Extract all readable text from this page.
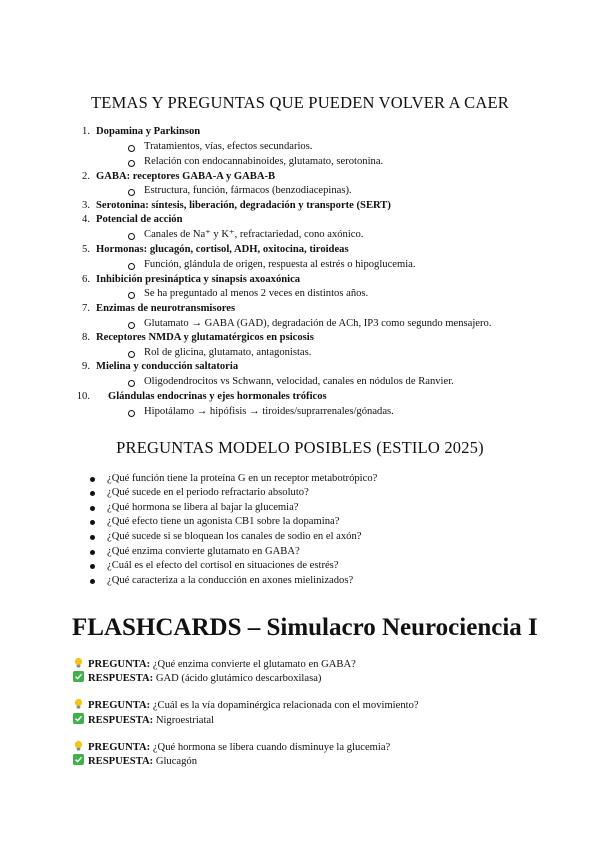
TEMAS Y PREGUNTAS QUE PUEDEN VOLVER A CAER
1. Dopamina y Parkinson
Tratamientos, vías, efectos secundarios.
Relación con endocannabinoides, glutamato, serotonina.
2. GABA: receptores GABA-A y GABA-B
Estructura, función, fármacos (benzodiacepinas).
3. Serotonina: síntesis, liberación, degradación y transporte (SERT)
4. Potencial de acción
Canales de Na⁺ y K⁺, refractariedad, cono axónico.
5. Hormonas: glucagón, cortisol, ADH, oxitocina, tiroideas
Función, glándula de origen, respuesta al estrés o hipoglucemia.
6. Inhibición presináptica y sinapsis axoaxónica
Se ha preguntado al menos 2 veces en distintos años.
7. Enzimas de neurotransmisores
Glutamato → GABA (GAD), degradación de ACh, IP3 como segundo mensajero.
8. Receptores NMDA y glutamatérgicos en psicosis
Rol de glicina, glutamato, antagonistas.
9. Mielina y conducción saltatoria
Oligodendrocitos vs Schwann, velocidad, canales en nódulos de Ranvier.
10. Glándulas endocrinas y ejes hormonales tróficos
Hipotálamo → hipófisis → tiroides/suprarrenales/gónadas.
PREGUNTAS MODELO POSIBLES (ESTILO 2025)
¿Qué función tiene la proteína G en un receptor metabotrópico?
¿Qué sucede en el periodo refractario absoluto?
¿Qué hormona se libera al bajar la glucemia?
¿Qué efecto tiene un agonista CB1 sobre la dopamina?
¿Qué sucede si se bloquean los canales de sodio en el axón?
¿Qué enzima convierte glutamato en GABA?
¿Cuál es el efecto del cortisol en situaciones de estrés?
¿Qué caracteriza a la conducción en axones mielinizados?
FLASHCARDS – Simulacro Neurociencia I
PREGUNTA: ¿Qué enzima convierte el glutamato en GABA?
RESPUESTA: GAD (ácido glutámico descarboxilasa)
PREGUNTA: ¿Cuál es la vía dopaminérgica relacionada con el movimiento?
RESPUESTA: Nigroestriatal
PREGUNTA: ¿Qué hormona se libera cuando disminuye la glucemia?
RESPUESTA: Glucagón
